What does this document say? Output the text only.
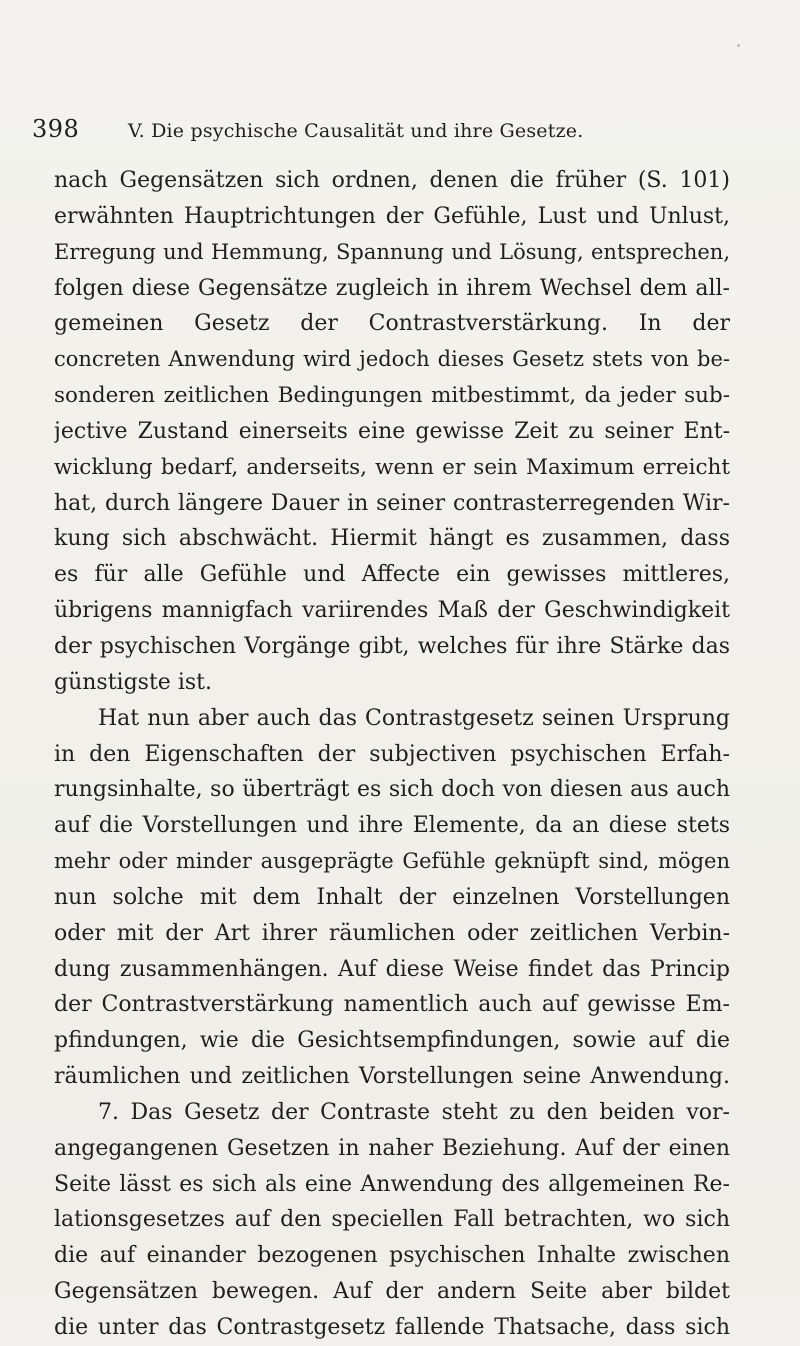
398	V. Die psychische Causalität und ihre Gesetze.
nach Gegensätzen sich ordnen, denen die früher (S. 101)
erwähnten Hauptrichtungen der Gefühle, Lust und Unlust,
Erregung und Hemmung, Spannung und Lösung, entsprechen,
folgen diese Gegensätze zugleich in ihrem Wechsel dem all-
gemeinen Gesetz der Contrastverstärkung. In der
concreten Anwendung wird jedoch dieses Gesetz stets von be-
sonderen zeitlichen Bedingungen mitbestimmt, da jeder sub-
jective Zustand einerseits eine gewisse Zeit zu seiner Ent-
wicklung bedarf, anderseits, wenn er sein Maximum erreicht
hat, durch längere Dauer in seiner contrasterregenden Wir-
kung sich abschwächt. Hiermit hängt es zusammen, dass
es für alle Gefühle und Affecte ein gewisses mittleres,
übrigens mannigfach variirendes Maß der Geschwindigkeit
der psychischen Vorgänge gibt, welches für ihre Stärke das
günstigste ist.
Hat nun aber auch das Contrastgesetz seinen Ursprung
in den Eigenschaften der subjectiven psychischen Erfah-
rungsinhalte, so überträgt es sich doch von diesen aus auch
auf die Vorstellungen und ihre Elemente, da an diese stets
mehr oder minder ausgeprägte Gefühle geknüpft sind, mögen
nun solche mit dem Inhalt der einzelnen Vorstellungen
oder mit der Art ihrer räumlichen oder zeitlichen Verbin-
dung zusammenhängen. Auf diese Weise findet das Princip
der Contrastverstärkung namentlich auch auf gewisse Em-
pfindungen, wie die Gesichtsempfindungen, sowie auf die
räumlichen und zeitlichen Vorstellungen seine Anwendung.
7. Das Gesetz der Contraste steht zu den beiden vor-
angegangenen Gesetzen in naher Beziehung. Auf der einen
Seite lässt es sich als eine Anwendung des allgemeinen Re-
lationsgesetzes auf den speciellen Fall betrachten, wo sich
die auf einander bezogenen psychischen Inhalte zwischen
Gegensätzen bewegen. Auf der andern Seite aber bildet
die unter das Contrastgesetz fallende Thatsache, dass sich
